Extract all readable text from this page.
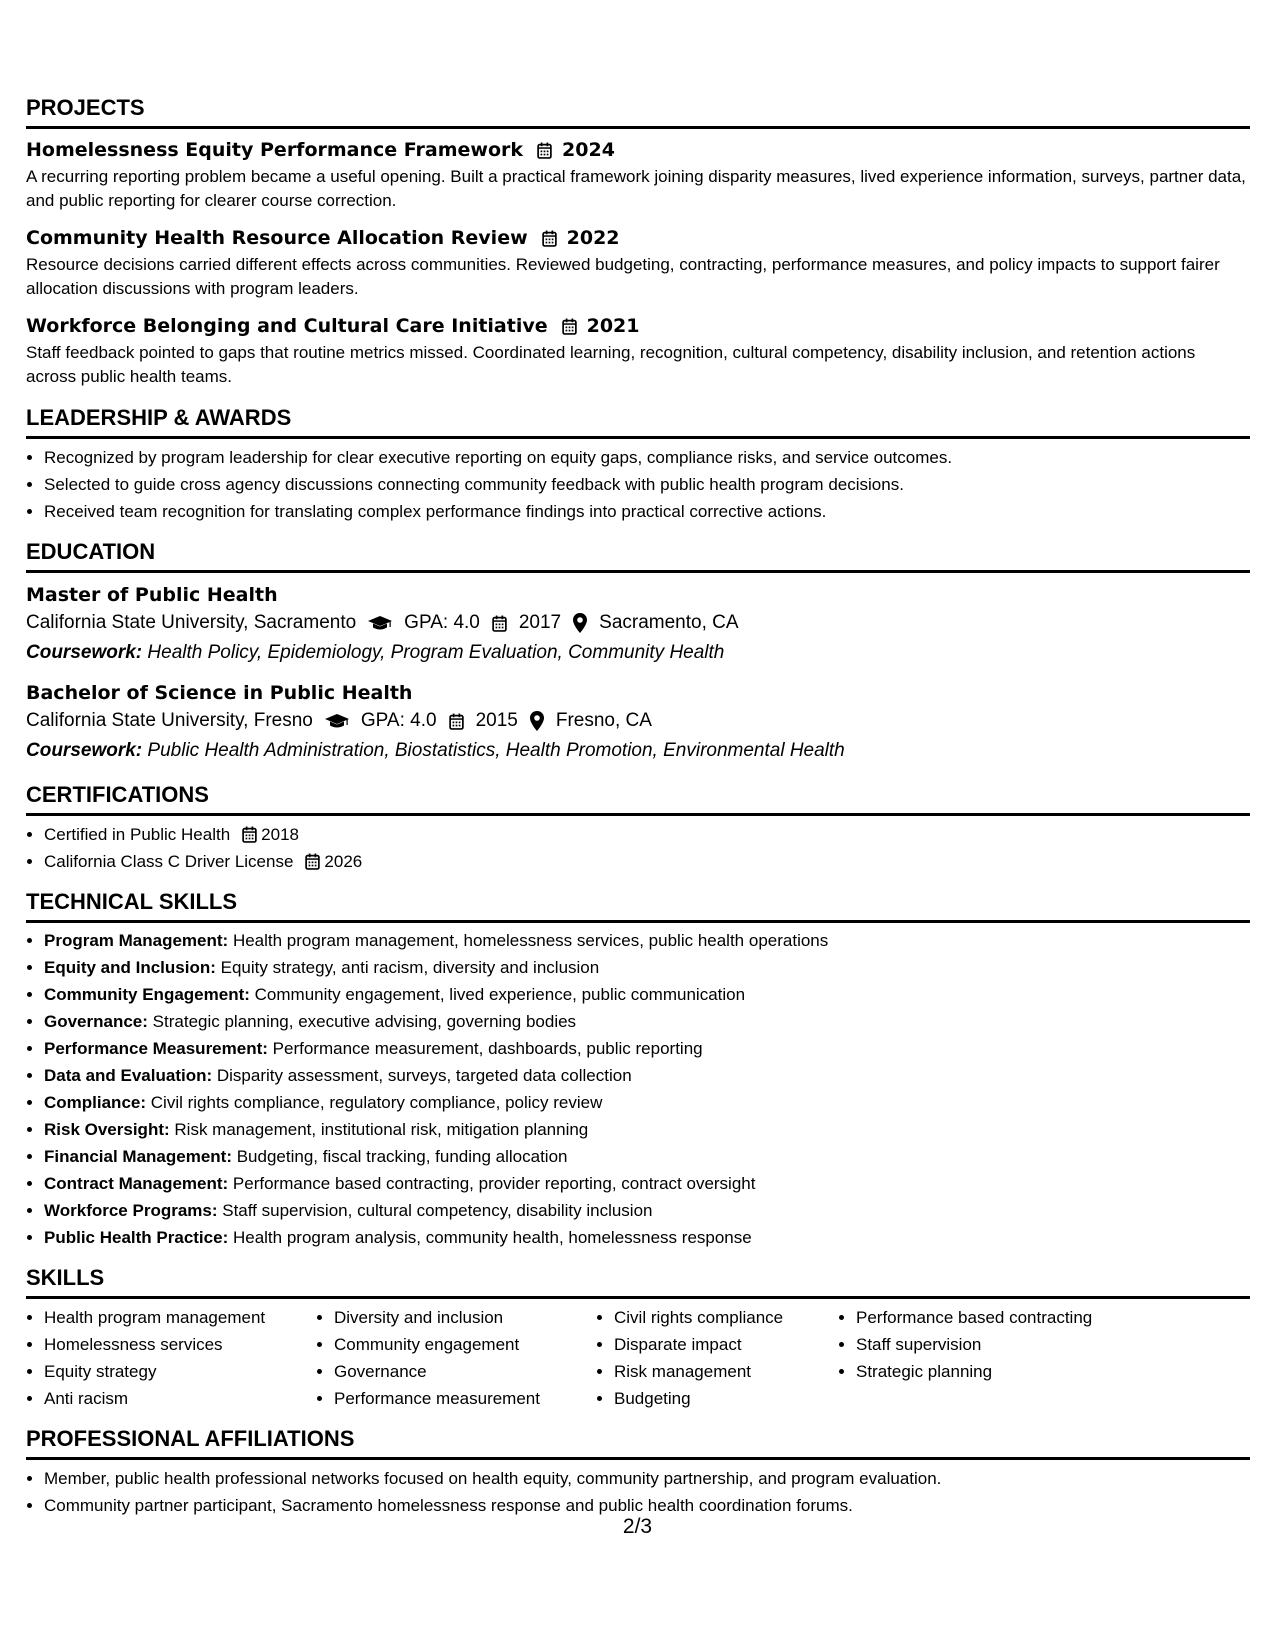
PROJECTS
Homelessness Equity Performance Framework 2024
A recurring reporting problem became a useful opening. Built a practical framework joining disparity measures, lived experience information, surveys, partner data, and public reporting for clearer course correction.
Community Health Resource Allocation Review 2022
Resource decisions carried different effects across communities. Reviewed budgeting, contracting, performance measures, and policy impacts to support fairer allocation discussions with program leaders.
Workforce Belonging and Cultural Care Initiative 2021
Staff feedback pointed to gaps that routine metrics missed. Coordinated learning, recognition, cultural competency, disability inclusion, and retention actions across public health teams.
LEADERSHIP & AWARDS
• Recognized by program leadership for clear executive reporting on equity gaps, compliance risks, and service outcomes.
• Selected to guide cross agency discussions connecting community feedback with public health program decisions.
• Received team recognition for translating complex performance findings into practical corrective actions.
EDUCATION
Master of Public Health
California State University, Sacramento	GPA: 4.0 2017 Sacramento, CA
Coursework: Health Policy, Epidemiology, Program Evaluation, Community Health
Bachelor of Science in Public Health
California State University, Fresno	GPA: 4.0 2015 Fresno, CA
Coursework: Public Health Administration, Biostatistics, Health Promotion, Environmental Health
CERTIFICATIONS
• Certified in Public Health 2018
• California Class C Driver License 2026
TECHNICAL SKILLS
• Program Management: Health program management, homelessness services, public health operations
• Equity and Inclusion: Equity strategy, anti racism, diversity and inclusion
• Community Engagement: Community engagement, lived experience, public communication
• Governance: Strategic planning, executive advising, governing bodies
• Performance Measurement: Performance measurement, dashboards, public reporting
• Data and Evaluation: Disparity assessment, surveys, targeted data collection
• Compliance: Civil rights compliance, regulatory compliance, policy review
• Risk Oversight: Risk management, institutional risk, mitigation planning
• Financial Management: Budgeting, fiscal tracking, funding allocation
• Contract Management: Performance based contracting, provider reporting, contract oversight
• Workforce Programs: Staff supervision, cultural competency, disability inclusion
• Public Health Practice: Health program analysis, community health, homelessness response
SKILLS
• Health program management
• Homelessness services
• Equity strategy
• Anti racism
• Diversity and inclusion
• Community engagement
• Governance
• Performance measurement
• Civil rights compliance
• Disparate impact
• Risk management
• Budgeting
• Performance based contracting
• Staff supervision
• Strategic planning
PROFESSIONAL AFFILIATIONS
• Member, public health professional networks focused on health equity, community partnership, and program evaluation.
• Community partner participant, Sacramento homelessness response and public health coordination forums.
2/3
